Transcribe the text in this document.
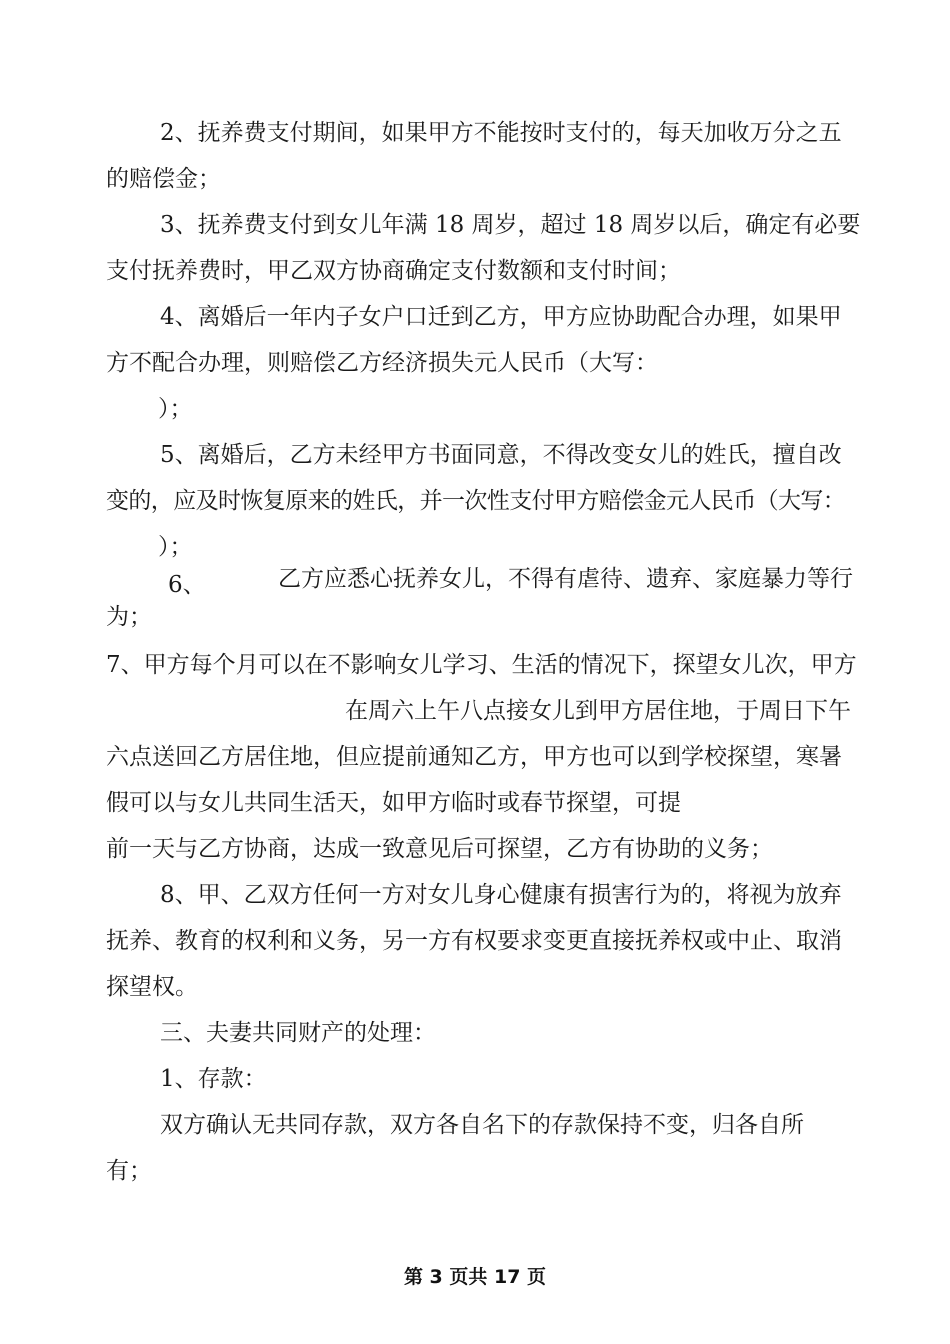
2、抚养费支付期间，如果甲方不能按时支付的，每天加收万分之五

的赔偿金；

3、抚养费支付到女儿年满 18 周岁，超过 18 周岁以后，确定有必要

支付抚养费时，甲乙双方协商确定支付数额和支付时间；

4、离婚后一年内子女户口迁到乙方，甲方应协助配合办理，如果甲

方不配合办理，则赔偿乙方经济损失元人民币（大写：

）；

5、离婚后，乙方未经甲方书面同意，不得改变女儿的姓氏，擅自改

变的，应及时恢复原来的姓氏，并一次性支付甲方赔偿金元人民币（大写：

）；

6、	乙方应悉心抚养女儿，不得有虐待、遗弃、家庭暴力等行

为；

7、甲方每个月可以在不影响女儿学习、生活的情况下，探望女儿次，甲方

在周六上午八点接女儿到甲方居住地，于周日下午

六点送回乙方居住地，但应提前通知乙方，甲方也可以到学校探望，寒暑

假可以与女儿共同生活天，如甲方临时或春节探望，可提

前一天与乙方协商，达成一致意见后可探望，乙方有协助的义务；

8、甲、乙双方任何一方对女儿身心健康有损害行为的，将视为放弃

抚养、教育的权利和义务，另一方有权要求变更直接抚养权或中止、取消

探望权。

三、夫妻共同财产的处理：

1、存款：

双方确认无共同存款，双方各自名下的存款保持不变，归各自所

有；

第 3 页共 17 页
